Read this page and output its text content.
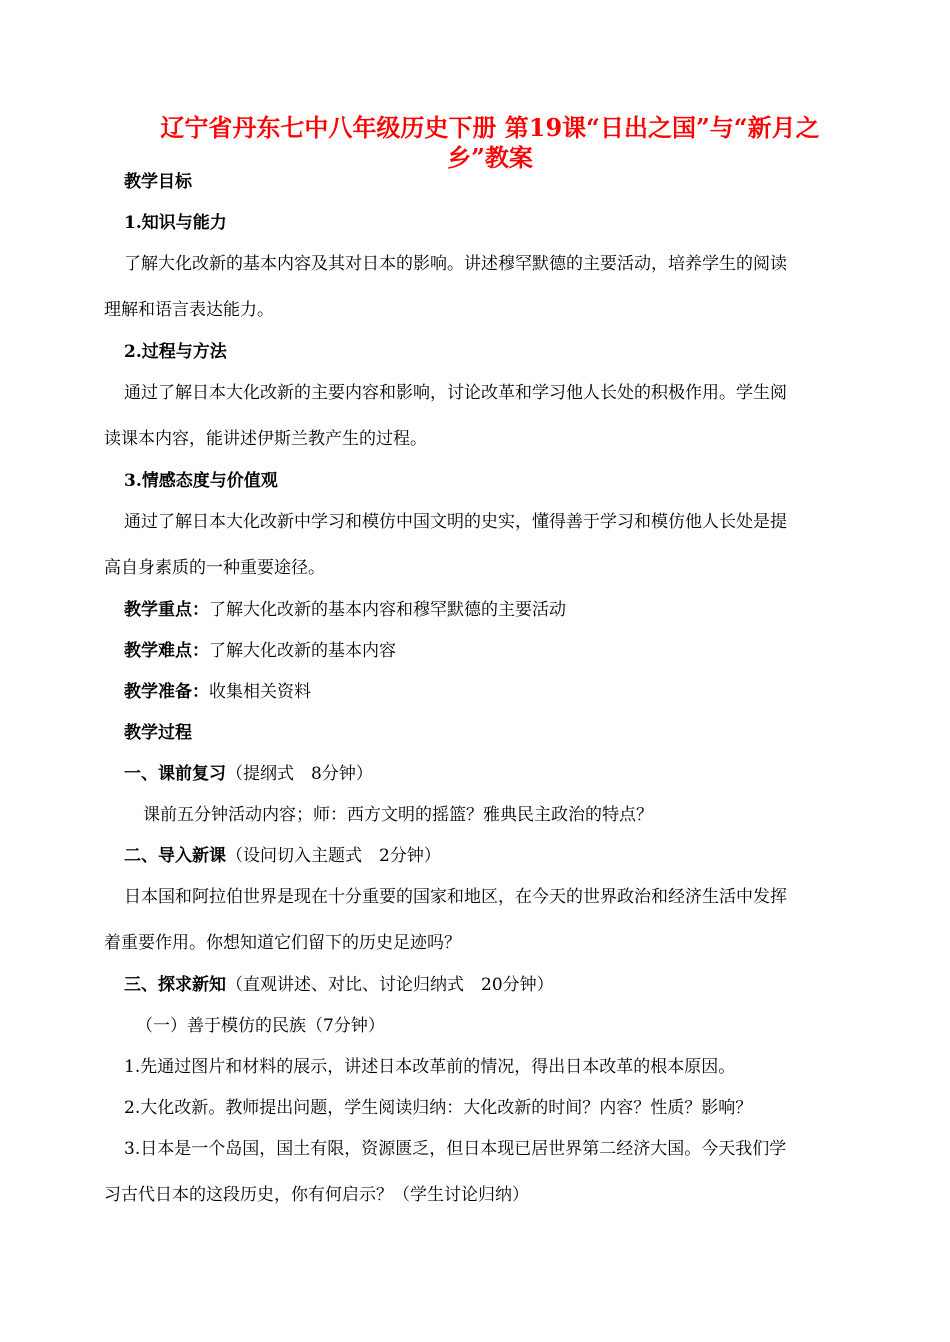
辽宁省丹东七中八年级历史下册 第19课“日出之国”与“新月之
乡”教案
教学目标
1.知识与能力
了解大化改新的基本内容及其对日本的影响。讲述穆罕默德的主要活动，培养学生的阅读
理解和语言表达能力。
2.过程与方法
通过了解日本大化改新的主要内容和影响，讨论改革和学习他人长处的积极作用。学生阅
读课本内容，能讲述伊斯兰教产生的过程。
3.情感态度与价值观
通过了解日本大化改新中学习和模仿中国文明的史实，懂得善于学习和模仿他人长处是提
高自身素质的一种重要途径。
教学重点：了解大化改新的基本内容和穆罕默德的主要活动
教学难点：了解大化改新的基本内容
教学准备：收集相关资料
教学过程
一、课前复习（提纲式　8分钟）
课前五分钟活动内容；师：西方文明的摇篮？雅典民主政治的特点？
二、导入新课（设问切入主题式　2分钟）
日本国和阿拉伯世界是现在十分重要的国家和地区，在今天的世界政治和经济生活中发挥
着重要作用。你想知道它们留下的历史足迹吗？
三、探求新知（直观讲述、对比、讨论归纳式　20分钟）
（一）善于模仿的民族（7分钟）
1.先通过图片和材料的展示，讲述日本改革前的情况，得出日本改革的根本原因。
2.大化改新。教师提出问题，学生阅读归纳：大化改新的时间？内容？性质？影响？
3.日本是一个岛国，国土有限，资源匮乏，但日本现已居世界第二经济大国。今天我们学
习古代日本的这段历史，你有何启示？（学生讨论归纳）
